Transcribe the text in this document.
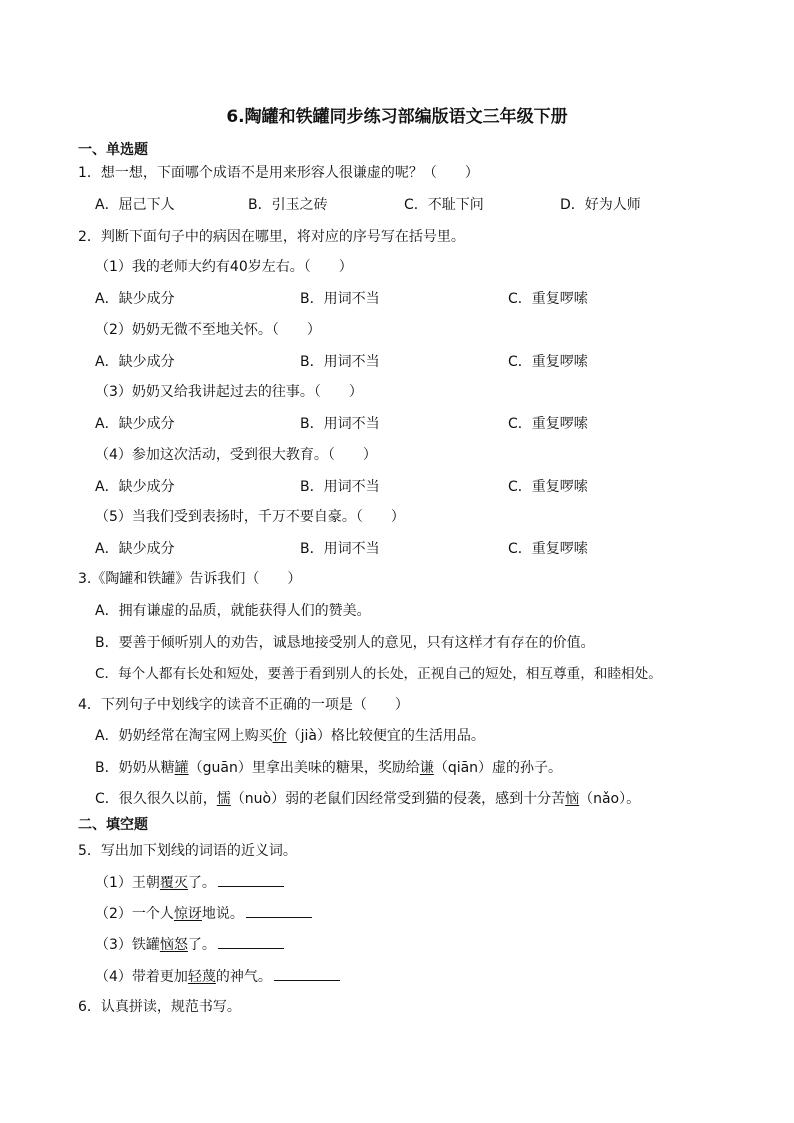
6.陶罐和铁罐同步练习部编版语文三年级下册
一、单选题
1．想一想，下面哪个成语不是用来形容人很谦虚的呢？（　　）
A．屈己下人	B．引玉之砖	C．不耻下问	D．好为人师
2．判断下面句子中的病因在哪里，将对应的序号写在括号里。
（1）我的老师大约有40岁左右。（　　）
A．缺少成分	B．用词不当	C．重复啰嗦
（2）奶奶无微不至地关怀。（　　）
A．缺少成分	B．用词不当	C．重复啰嗦
（3）奶奶又给我讲起过去的往事。（　　）
A．缺少成分	B．用词不当	C．重复啰嗦
（4）参加这次活动，受到很大教育。（　　）
A．缺少成分	B．用词不当	C．重复啰嗦
（5）当我们受到表扬时，千万不要自豪。（　　）
A．缺少成分	B．用词不当	C．重复啰嗦
3.《陶罐和铁罐》告诉我们（　　）
A．拥有谦虚的品质，就能获得人们的赞美。
B．要善于倾听别人的劝告，诚恳地接受别人的意见，只有这样才有存在的价值。
C．每个人都有长处和短处，要善于看到别人的长处，正视自己的短处，相互尊重，和睦相处。
4．下列句子中划线字的读音不正确的一项是（　　）
A．奶奶经常在淘宝网上购买价（jià）格比较便宜的生活用品。
B．奶奶从糖罐（guān）里拿出美味的糖果，奖励给谦（qiān）虚的孙子。
C．很久很久以前，懦（nuò）弱的老鼠们因经常受到猫的侵袭，感到十分苦恼（nǎo）。
二、填空题
5．写出加下划线的词语的近义词。
（1）王朝覆灭了。
（2）一个人惊讶地说。
（3）铁罐恼怒了。
（4）带着更加轻蔑的神气。
6．认真拼读，规范书写。
